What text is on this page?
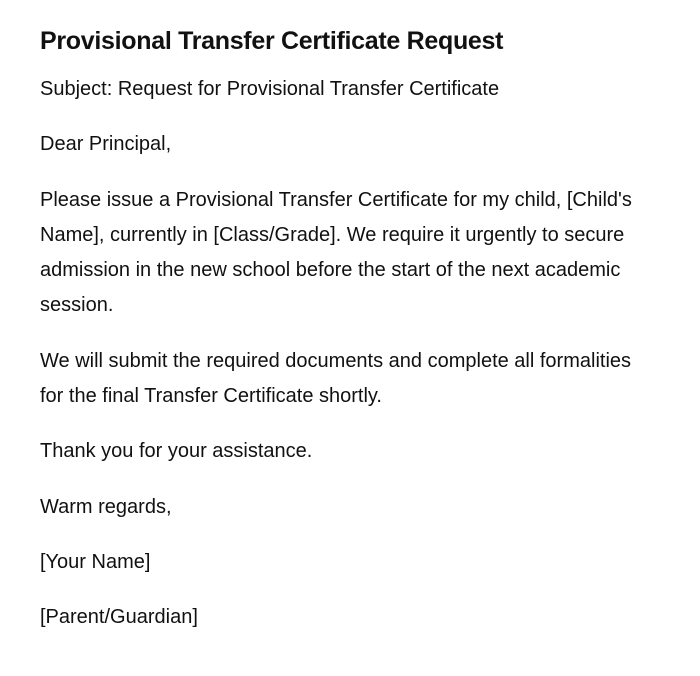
Provisional Transfer Certificate Request

Subject: Request for Provisional Transfer Certificate

Dear Principal,

Please issue a Provisional Transfer Certificate for my child, [Child's Name], currently in [Class/Grade]. We require it urgently to secure admission in the new school before the start of the next academic session.

We will submit the required documents and complete all formalities for the final Transfer Certificate shortly.

Thank you for your assistance.

Warm regards,

[Your Name]

[Parent/Guardian]
